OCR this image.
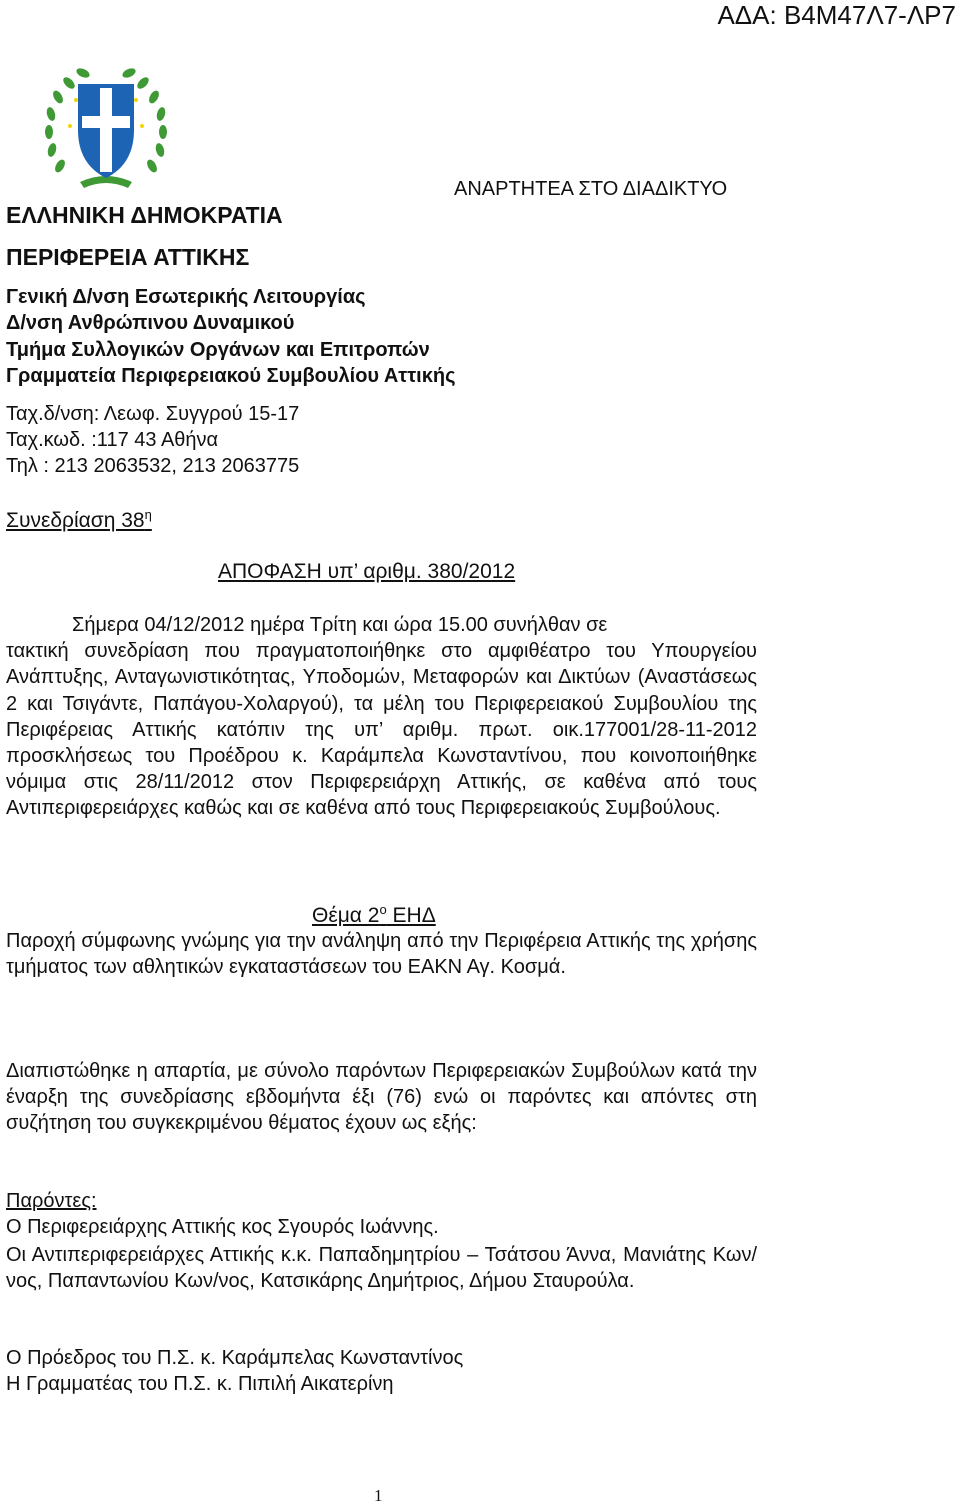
ΑΔΑ: Β4Μ47Λ7-ΛΡ7
ΑΝΑΡΤΗΤΕΑ ΣΤΟ ΔΙΑΔΙΚΤΥΟ
ΕΛΛΗΝΙΚΗ ΔΗΜΟΚΡΑΤΙΑ
ΠΕΡΙΦΕΡΕΙΑ ΑΤΤΙΚΗΣ
Γενική Δ/νση Εσωτερικής Λειτουργίας
Δ/νση Ανθρώπινου Δυναμικού
Τμήμα Συλλογικών Οργάνων και Επιτροπών
Γραμματεία Περιφερειακού Συμβουλίου Αττικής
Ταχ.δ/νση: Λεωφ. Συγγρού 15-17
Ταχ.κωδ. :117 43 Αθήνα
Τηλ : 213 2063532, 213 2063775
Συνεδρίαση $38^\eta$
ΑΠΟΦΑΣΗ υπ’ αριθμ. 380/2012
Σήμερα 04/12/2012 ημέρα Τρίτη και ώρα 15.00 συνήλθαν σε
τακτική συνεδρίαση που πραγματοποιήθηκε στο αμφιθέατρο του Υπουργείου Ανάπτυξης, Ανταγωνιστικότητας, Υποδομών, Μεταφορών και Δικτύων (Αναστάσεως 2 και Τσιγάντε, Παπάγου-Χολαργού), τα μέλη του Περιφερειακού Συμβουλίου της Περιφέρειας Αττικής κατόπιν της υπ’ αριθμ. πρωτ. οικ.177001/28-11-2012 προσκλήσεως του Προέδρου κ. Καράμπελα Κωνσταντίνου, που κοινοποιήθηκε νόμιμα στις 28/11/2012 στον Περιφερειάρχη Αττικής, σε καθένα από τους Αντιπεριφερειάρχες καθώς και σε καθένα από τους Περιφερειακούς Συμβούλους.
Θέμα $2^o$ ΕΗΔ
Παροχή σύμφωνης γνώμης για την ανάληψη από την Περιφέρεια Αττικής της χρήσης τμήματος των αθλητικών εγκαταστάσεων του ΕΑΚΝ Αγ. Κοσμά.
Διαπιστώθηκε η απαρτία, με σύνολο παρόντων Περιφερειακών Συμβούλων κατά την έναρξη της συνεδρίασης εβδομήντα έξι (76) ενώ οι παρόντες και απόντες στη συζήτηση του συγκεκριμένου θέματος έχουν ως εξής:
Παρόντες:
Ο Περιφερειάρχης Αττικής κος Σγουρός Ιωάννης.
Οι Αντιπεριφερειάρχες Αττικής κ.κ. Παπαδημητρίου – Τσάτσου Άννα, Μανιάτης Κων/νος, Παπαντωνίου Κων/νος, Κατσικάρης Δημήτριος, Δήμου Σταυρούλα.
Ο Πρόεδρος του Π.Σ. κ. Καράμπελας Κωνσταντίνος
Η Γραμματέας του Π.Σ. κ. Πιπιλή Αικατερίνη
1
